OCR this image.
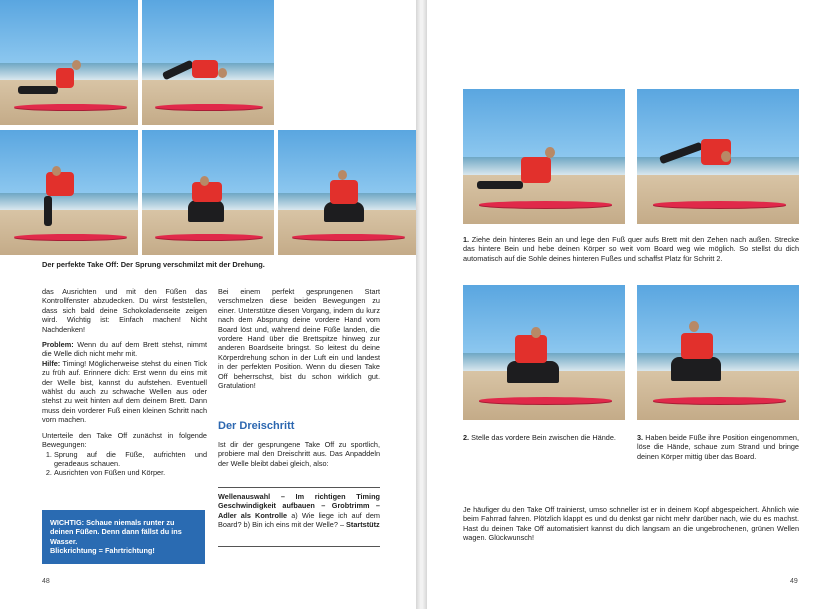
Der perfekte Take Off: Der Sprung verschmilzt mit der Drehung.

das Ausrichten und mit den Füßen das Kontrollfenster abzudecken. Du wirst feststellen, dass sich bald deine Schokoladenseite zeigen wird. Wichtig ist: Einfach machen! Nicht Nachdenken!

Problem: Wenn du auf dem Brett stehst, nimmt die Welle dich nicht mehr mit.
Hilfe: Timing! Möglicherweise stehst du einen Tick zu früh auf. Erinnere dich: Erst wenn du eins mit der Welle bist, kannst du aufstehen. Eventuell wählst du auch zu schwache Wellen aus oder stehst zu weit hinten auf dem deinem Brett. Dann muss dein vorderer Fuß einen kleinen Schritt nach vorn machen.

Unterteile den Take Off zunächst in folgende Bewegungen:

1. Sprung auf die Füße, aufrichten und geradeaus schauen.
2. Ausrichten von Füßen und Körper.
WICHTIG: Schaue niemals runter zu deinen Füßen. Denn dann fällst du ins Wasser.
Blickrichtung = Fahrtrichtung!

Bei einem perfekt gesprungenen Start verschmelzen diese beiden Bewegungen zu einer. Unterstütze diesen Vorgang, indem du kurz nach dem Absprung deine vordere Hand vom Board löst und, während deine Füße landen, die vordere Hand über die Brettspitze hinweg zur anderen Boardseite bringst. So leitest du deine Körperdrehung schon in der Luft ein und landest in der perfekten Position. Wenn du diesen Take Off beherrschst, bist du schon wirklich gut. Gratulation!

Der Dreischritt

Ist dir der gesprungene Take Off zu sportlich, probiere mal den Dreischritt aus. Das Anpaddeln der Welle bleibt dabei gleich, also:

Wellenauswahl – Im richtigen Timing Geschwindigkeit aufbauen – Grobtrimm – Adler als Kontrolle a) Wie liege ich auf dem Board? b) Bin ich eins mit der Welle? – Startstütz
48
1. Ziehe dein hinteres Bein an und lege den Fuß quer aufs Brett mit den Zehen nach außen. Strecke das hintere Bein und hebe deinen Körper so weit vom Board weg wie möglich. So stellst du dich automatisch auf die Sohle deines hinteren Fußes und schaffst Platz für Schritt 2.
2. Stelle das vordere Bein zwischen die Hände.	3. Haben beide Füße ihre Position eingenommen, löse die Hände, schaue zum Strand und bringe deinen Körper mittig über das Board.
Je häufiger du den Take Off trainierst, umso schneller ist er in deinem Kopf abgespeichert. Ähnlich wie beim Fahrrad fahren. Plötzlich klappt es und du denkst gar nicht mehr darüber nach, wie du es machst. Hast du deinen Take Off automatisiert kannst du dich langsam an die ungebrochenen, grünen Wellen wagen. Glückwunsch!
49
